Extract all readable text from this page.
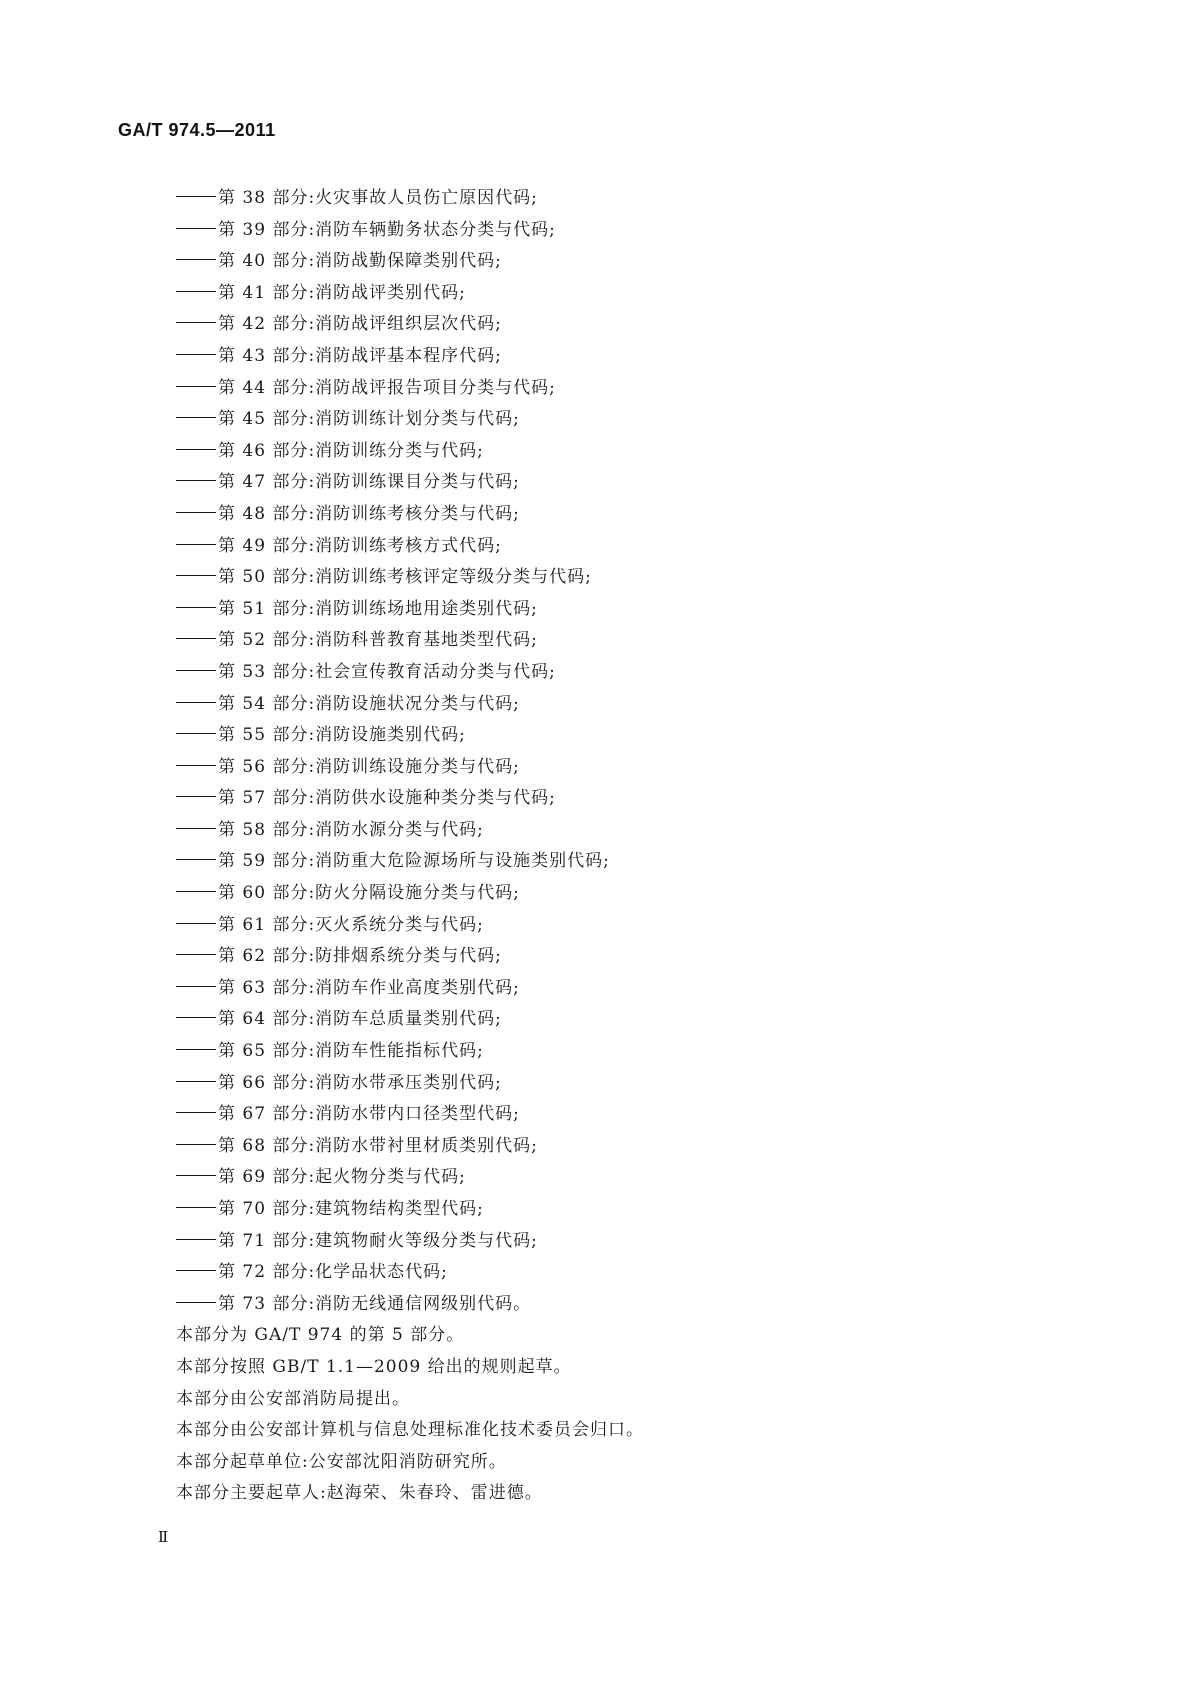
GA/T 974.5—2011
第 38 部分:火灾事故人员伤亡原因代码;
第 39 部分:消防车辆勤务状态分类与代码;
第 40 部分:消防战勤保障类别代码;
第 41 部分:消防战评类别代码;
第 42 部分:消防战评组织层次代码;
第 43 部分:消防战评基本程序代码;
第 44 部分:消防战评报告项目分类与代码;
第 45 部分:消防训练计划分类与代码;
第 46 部分:消防训练分类与代码;
第 47 部分:消防训练课目分类与代码;
第 48 部分:消防训练考核分类与代码;
第 49 部分:消防训练考核方式代码;
第 50 部分:消防训练考核评定等级分类与代码;
第 51 部分:消防训练场地用途类别代码;
第 52 部分:消防科普教育基地类型代码;
第 53 部分:社会宣传教育活动分类与代码;
第 54 部分:消防设施状况分类与代码;
第 55 部分:消防设施类别代码;
第 56 部分:消防训练设施分类与代码;
第 57 部分:消防供水设施种类分类与代码;
第 58 部分:消防水源分类与代码;
第 59 部分:消防重大危险源场所与设施类别代码;
第 60 部分:防火分隔设施分类与代码;
第 61 部分:灭火系统分类与代码;
第 62 部分:防排烟系统分类与代码;
第 63 部分:消防车作业高度类别代码;
第 64 部分:消防车总质量类别代码;
第 65 部分:消防车性能指标代码;
第 66 部分:消防水带承压类别代码;
第 67 部分:消防水带内口径类型代码;
第 68 部分:消防水带衬里材质类别代码;
第 69 部分:起火物分类与代码;
第 70 部分:建筑物结构类型代码;
第 71 部分:建筑物耐火等级分类与代码;
第 72 部分:化学品状态代码;
第 73 部分:消防无线通信网级别代码。
本部分为 GA/T 974 的第 5 部分。
本部分按照 GB/T 1.1—2009 给出的规则起草。
本部分由公安部消防局提出。
本部分由公安部计算机与信息处理标准化技术委员会归口。
本部分起草单位:公安部沈阳消防研究所。
本部分主要起草人:赵海荣、朱春玲、雷进德。
Ⅱ
